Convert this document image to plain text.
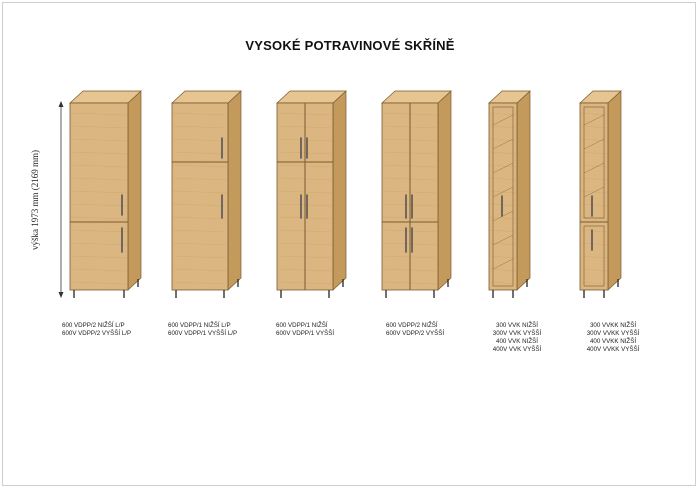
VYSOKÉ POTRAVINOVÉ SKŘÍNĚ
výška 1973 mm (2169 mm)
600 VDPP/2 NIŽŠÍ L/P
600V VDPP/2 VYŠŠÍ L/P
600 VDPP/1 NIŽŠÍ L/P
600V VDPP/1 VYŠŠÍ L/P
600 VDPP/1 NIŽŠÍ
600V VDPP/1 VYŠŠÍ
600 VDPP/2 NIŽŠÍ
600V VDPP/2 VYŠŠÍ
300 VVK NIŽŠÍ
300V VVK VYŠŠÍ
400 VVK NIŽŠÍ
400V VVK VYŠŠÍ
300 VVKK NIŽŠÍ
300V VVKK VYŠŠÍ
400 VVKK NIŽŠÍ
400V VVKK VYŠŠÍ
